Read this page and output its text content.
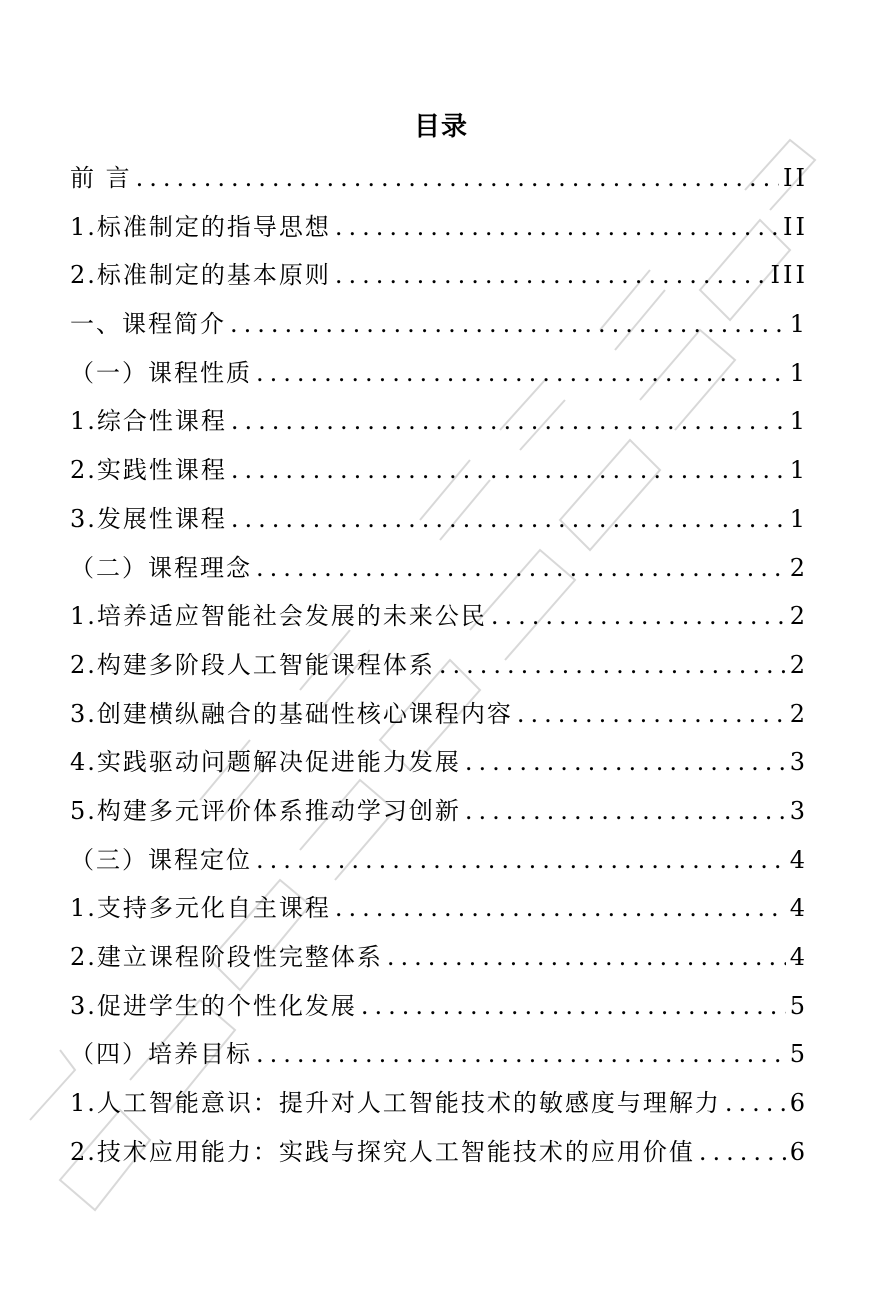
目录
前 言 .....	II
1.标准制定的指导思想 .....	II
2.标准制定的基本原则 .....	III
一、课程简介 .....	1
（一）课程性质 .....	1
1.综合性课程 .....	1
2.实践性课程 .....	1
3.发展性课程 .....	1
（二）课程理念 .....	2
1.培养适应智能社会发展的未来公民 .....	2
2.构建多阶段人工智能课程体系 .....	2
3.创建横纵融合的基础性核心课程内容 .....	2
4.实践驱动问题解决促进能力发展 .....	3
5.构建多元评价体系推动学习创新 .....	3
（三）课程定位 .....	4
1.支持多元化自主课程 .....	4
2.建立课程阶段性完整体系 .....	4
3.促进学生的个性化发展 .....	5
（四）培养目标 .....	5
1.人工智能意识：提升对人工智能技术的敏感度与理解力 .....	6
2.技术应用能力：实践与探究人工智能技术的应用价值 .....	6
